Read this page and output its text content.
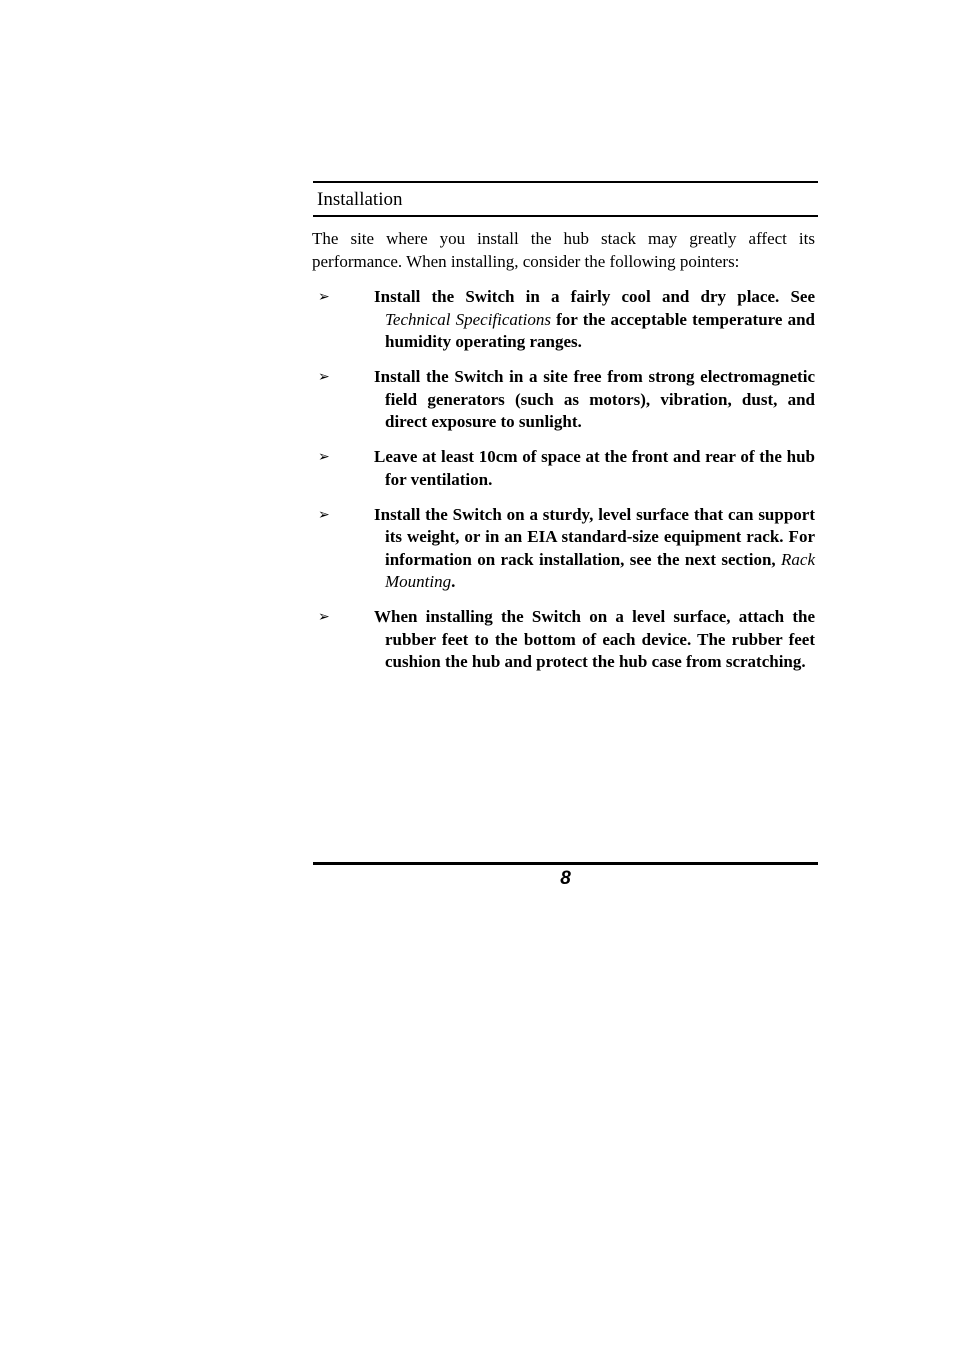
Installation

The site where you install the hub stack may greatly affect its performance. When installing, consider the following pointers:

➢	Install the Switch in a fairly cool and dry place. See Technical Specifications for the acceptable temperature and humidity operating ranges.

➢	Install the Switch in a site free from strong electromagnetic field generators (such as motors), vibration, dust, and direct exposure to sunlight.

➢	Leave at least 10cm of space at the front and rear of the hub for ventilation.

➢	Install the Switch on a sturdy, level surface that can support its weight, or in an EIA standard-size equipment rack. For information on rack installation, see the next section, Rack Mounting.

➢	When installing the Switch on a level surface, attach the rubber feet to the bottom of each device. The rubber feet cushion the hub and protect the hub case from scratching.

8
